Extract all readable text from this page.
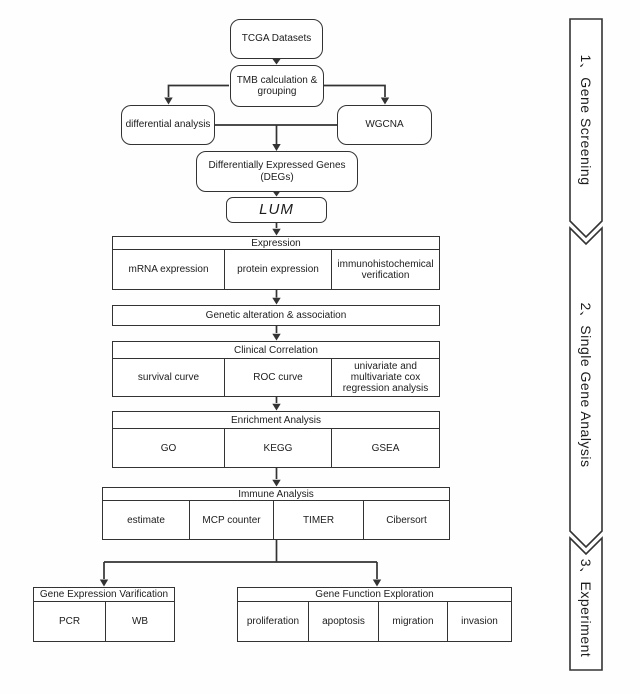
TCGA Datasets
TMB calculation & grouping
differential analysis	WGCNA
Differentially Expressed Genes (DEGs)
LUM
Expression
mRNA expression	protein expression	immunohistochemical verification
Genetic alteration & association
Clinical Correlation
survival curve	ROC curve
univariate and multivariate cox regression analysis
Enrichment Analysis
GO	KEGG	GSEA
Immune Analysis
estimate	MCP counter	TIMER	Cibersort
Gene Expression Varification
PCR	WB
Gene Function Exploration
proliferation	apoptosis	migration	invasion
1、Gene Screening
2、Single Gene Analysis
3、Experiment
